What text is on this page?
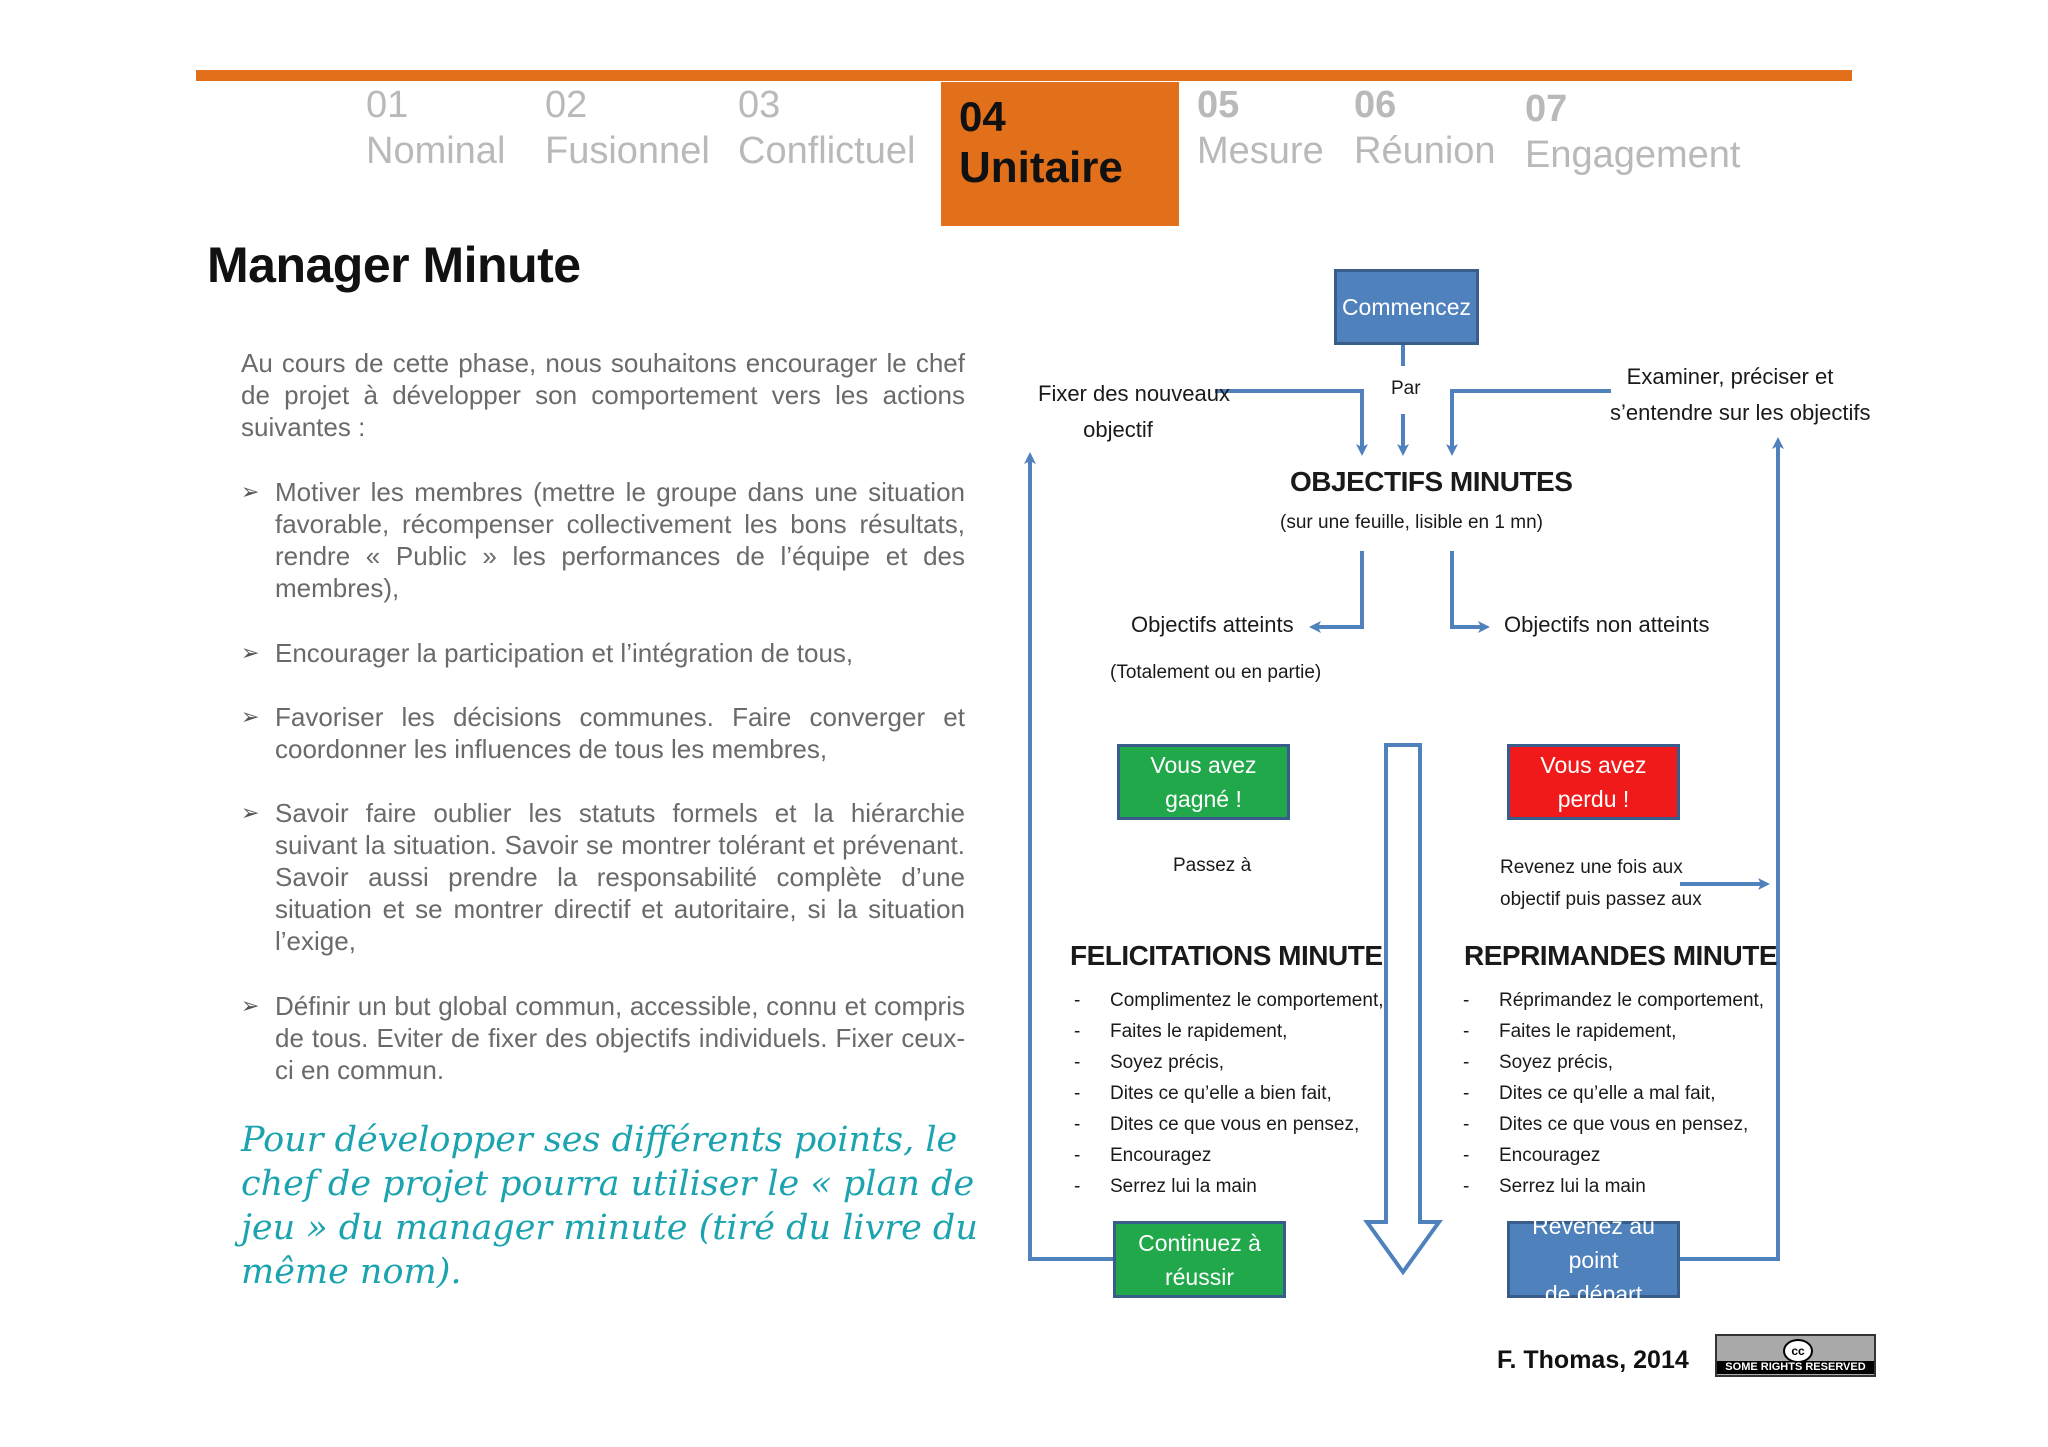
01
Nominal
02
Fusionnel
03
Conflictuel
04
Unitaire
05
Mesure
06
Réunion
07
Engagement
Manager Minute
Au cours de cette phase, nous souhaitons encourager le chef de projet à développer son comportement vers les actions suivantes :
➢ Motiver les membres (mettre le groupe dans une situation favorable, récompenser collectivement les bons résultats, rendre « Public » les performances de l’équipe et des membres),
➢ Encourager la participation et l’intégration de tous,
➢ Favoriser les décisions communes. Faire converger et coordonner les influences de tous les membres,
➢ Savoir faire oublier les statuts formels et la hiérarchie suivant la situation. Savoir se montrer tolérant et prévenant. Savoir aussi prendre la responsabilité complète d’une situation et se montrer directif et autoritaire, si la situation l’exige,
➢ Définir un but global commun, accessible, connu et compris de tous. Eviter de fixer des objectifs individuels. Fixer ceux-ci en commun.
Pour développer ses différents points, le chef de projet pourra utiliser le « plan de jeu » du manager minute (tiré du livre du même nom).
Commencez
Fixer des nouveaux
objectif
Par	Examiner, préciser et
s’entendre sur les objectifs
OBJECTIFS MINUTES
(sur une feuille, lisible en 1 mn)
Objectifs atteints
(Totalement ou en partie)
Objectifs non atteints
Vous avez gagné !
Vous avez perdu !
Passez à	Revenez une fois aux
objectif puis passez aux
FELICITATIONS MINUTE
- Complimentez le comportement,
- Faites le rapidement,
- Soyez précis,
- Dites ce qu’elle a bien fait,
- Dites ce que vous en pensez,
- Encouragez
- Serrez lui la main
REPRIMANDES MINUTE
- Réprimandez le comportement,
- Faites le rapidement,
- Soyez précis,
- Dites ce qu’elle a mal fait,
- Dites ce que vous en pensez,
- Encouragez
- Serrez lui la main
Continuez à
réussir
Revenez au point
de départ
F. Thomas, 2014	cc
SOME RIGHTS RESERVED
